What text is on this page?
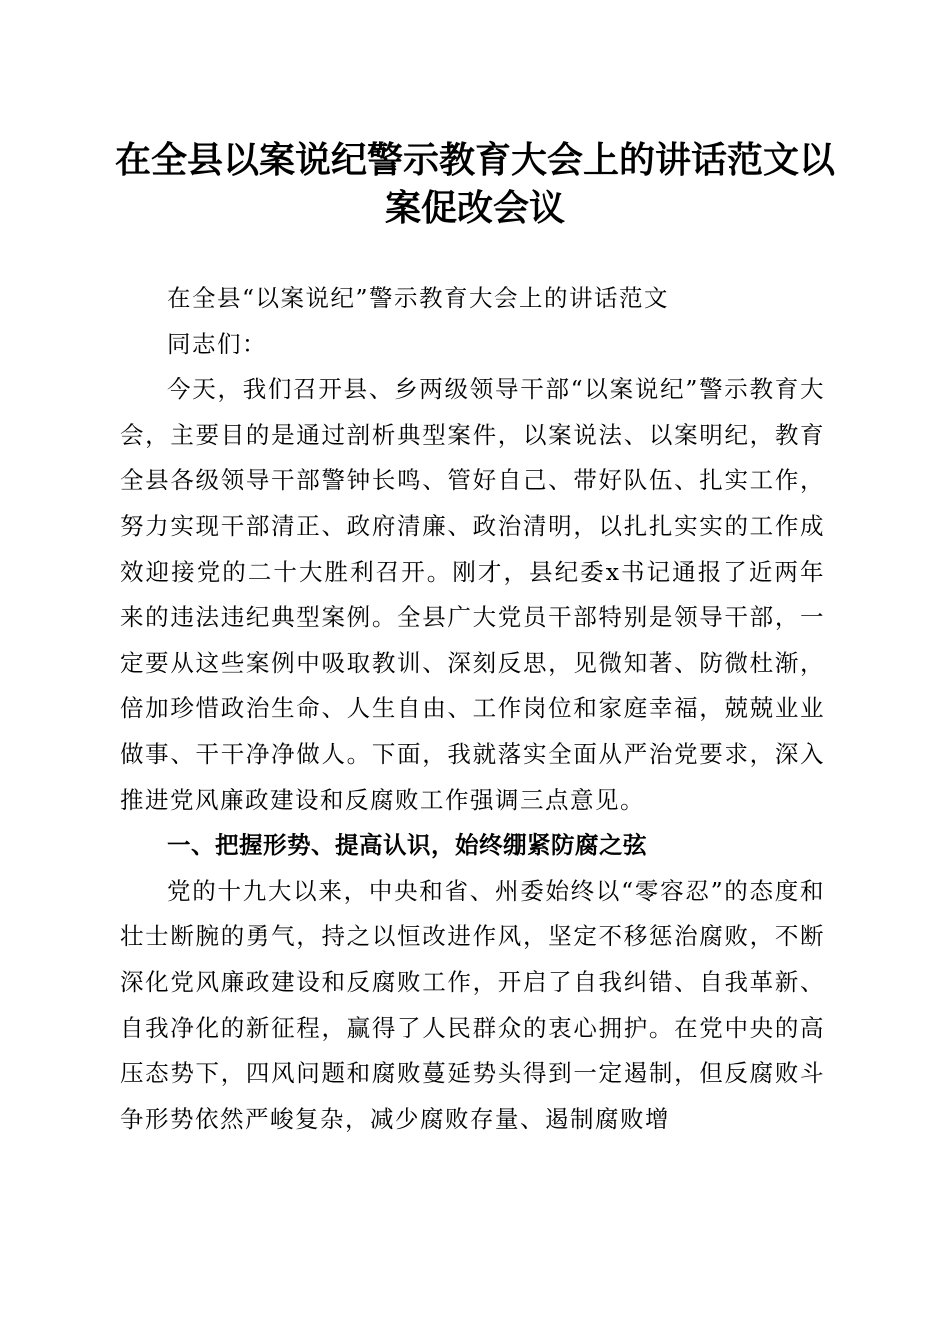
在全县以案说纪警示教育大会上的讲话范文以案促改会议

在全县“以案说纪”警示教育大会上的讲话范文

同志们：

今天，我们召开县、乡两级领导干部“以案说纪”警示教育大会，主要目的是通过剖析典型案件，以案说法、以案明纪，教育全县各级领导干部警钟长鸣、管好自己、带好队伍、扎实工作，努力实现干部清正、政府清廉、政治清明，以扎扎实实的工作成效迎接党的二十大胜利召开。刚才，县纪委x书记通报了近两年来的违法违纪典型案例。全县广大党员干部特别是领导干部，一定要从这些案例中吸取教训、深刻反思，见微知著、防微杜渐，倍加珍惜政治生命、人生自由、工作岗位和家庭幸福，兢兢业业做事、干干净净做人。下面，我就落实全面从严治党要求，深入推进党风廉政建设和反腐败工作强调三点意见。

一、把握形势、提高认识，始终绷紧防腐之弦

党的十九大以来，中央和省、州委始终以“零容忍”的态度和壮士断腕的勇气，持之以恒改进作风，坚定不移惩治腐败，不断深化党风廉政建设和反腐败工作，开启了自我纠错、自我革新、自我净化的新征程，赢得了人民群众的衷心拥护。在党中央的高压态势下，四风问题和腐败蔓延势头得到一定遏制，但反腐败斗争形势依然严峻复杂，减少腐败存量、遏制腐败增
